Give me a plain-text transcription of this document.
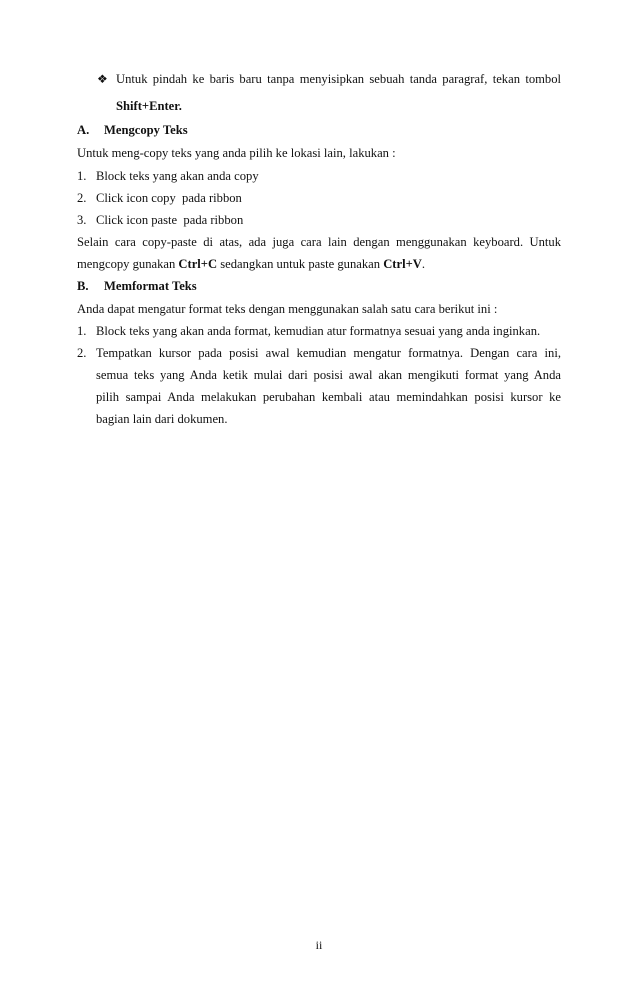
❖ Untuk pindah ke baris baru tanpa menyisipkan sebuah tanda paragraf, tekan tombol
Shift+Enter.
A. Mengcopy Teks
Untuk meng-copy teks yang anda pilih ke lokasi lain, lakukan :
1. Block teks yang akan anda copy
2. Click icon copy  pada ribbon
3. Click icon paste  pada ribbon
Selain cara copy-paste di atas, ada juga cara lain dengan menggunakan keyboard. Untuk
mengcopy gunakan Ctrl+C sedangkan untuk paste gunakan Ctrl+V.
B. Memformat Teks
Anda dapat mengatur format teks dengan menggunakan salah satu cara berikut ini :
1. Block teks yang akan anda format, kemudian atur formatnya sesuai yang anda inginkan.
2. Tempatkan kursor pada posisi awal kemudian mengatur formatnya. Dengan cara ini,
semua teks yang Anda ketik mulai dari posisi awal akan mengikuti format yang Anda
pilih sampai Anda melakukan perubahan kembali atau memindahkan posisi kursor ke
bagian lain dari dokumen.
ii
